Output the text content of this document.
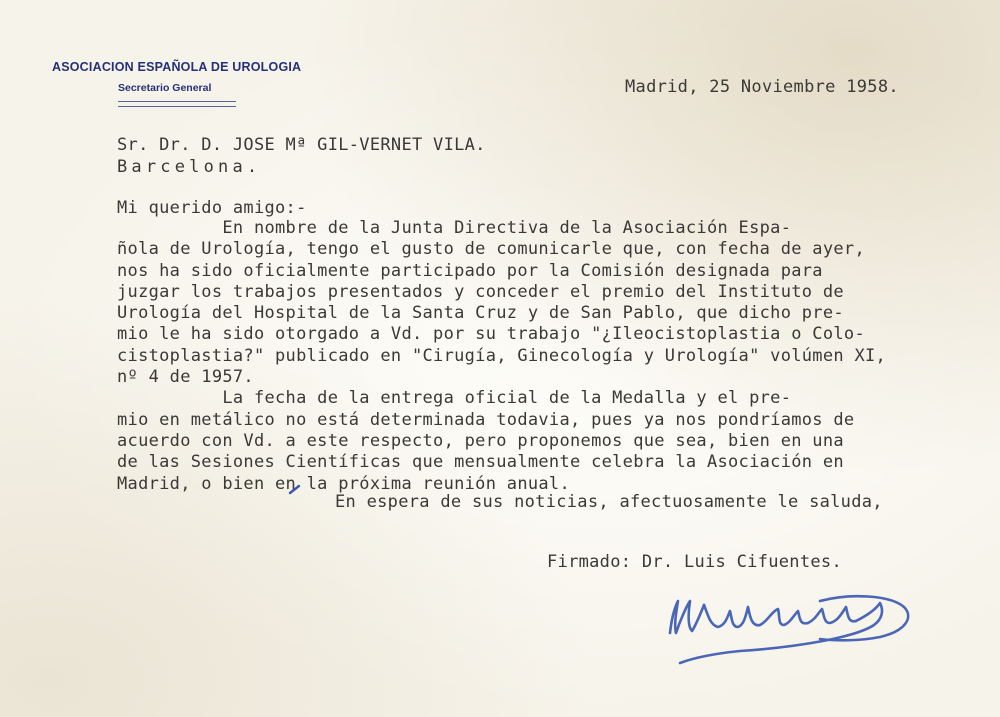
ASOCIACION ESPAÑOLA DE UROLOGIA
Secretario General	Madrid, 25 Noviembre 1958.
Sr. Dr. D. JOSE Mª GIL-VERNET VILA.
Barcelona.
Mi querido amigo:-
En nombre de la Junta Directiva de la Asociación Espa-
ñola de Urología, tengo el gusto de comunicarle que, con fecha de ayer,
nos ha sido oficialmente participado por la Comisión designada para
juzgar los trabajos presentados y conceder el premio del Instituto de
Urología del Hospital de la Santa Cruz y de San Pablo, que dicho pre-
mio le ha sido otorgado a Vd. por su trabajo "¿Ileocistoplastia o Colo-
cistoplastia?" publicado en "Cirugía, Ginecología y Urología" volúmen XI,
nº 4 de 1957.
La fecha de la entrega oficial de la Medalla y el pre-
mio en metálico no está determinada todavia, pues ya nos pondríamos de
acuerdo con Vd. a este respecto, pero proponemos que sea, bien en una
de las Sesiones Científicas que mensualmente celebra la Asociación en
Madrid, o bien en la próxima reunión anual.
En espera de sus noticias, afectuosamente le saluda,
Firmado: Dr. Luis Cifuentes.
